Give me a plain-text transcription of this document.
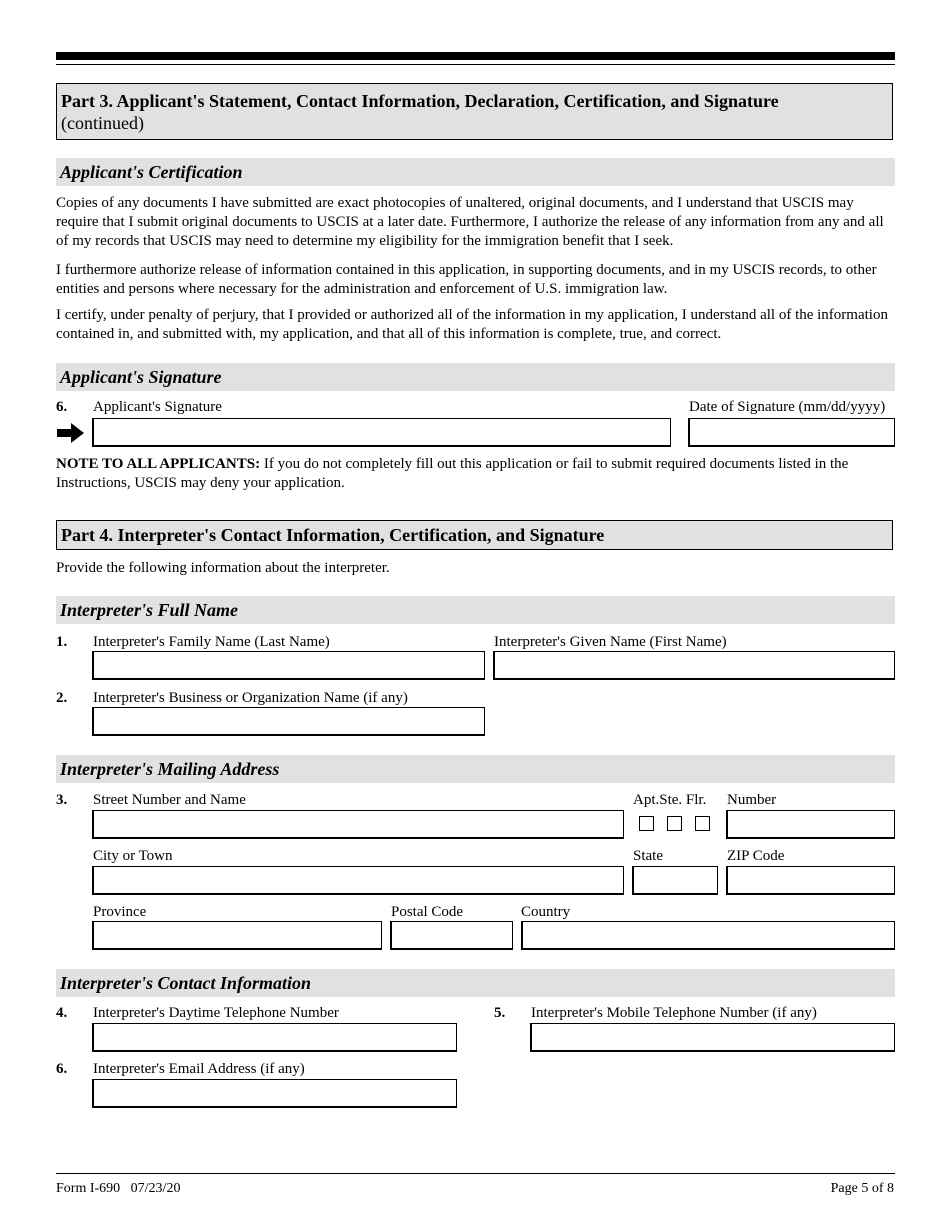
Part 3. Applicant's Statement, Contact Information, Declaration, Certification, and Signature
(continued)
Applicant's Certification

Copies of any documents I have submitted are exact photocopies of unaltered, original documents, and I understand that USCIS may require that I submit original documents to USCIS at a later date. Furthermore, I authorize the release of any information from any and all of my records that USCIS may need to determine my eligibility for the immigration benefit that I seek.

I furthermore authorize release of information contained in this application, in supporting documents, and in my USCIS records, to other entities and persons where necessary for the administration and enforcement of U.S. immigration law.

I certify, under penalty of perjury, that I provided or authorized all of the information in my application, I understand all of the information contained in, and submitted with, my application, and that all of this information is complete, true, and correct.

Applicant's Signature
6. Applicant's Signature	Date of Signature (mm/dd/yyyy)

NOTE TO ALL APPLICANTS: If you do not completely fill out this application or fail to submit required documents listed in the Instructions, USCIS may deny your application.

Part 4. Interpreter's Contact Information, Certification, and Signature
Provide the following information about the interpreter.
Interpreter's Full Name
1. Interpreter's Family Name (Last Name)	Interpreter's Given Name (First Name)
2. Interpreter's Business or Organization Name (if any)
Interpreter's Mailing Address
3. Street Number and Name	Apt.Ste. Flr. Number
City or Town	State	ZIP Code
Province	Postal Code	Country
Interpreter's Contact Information
4. Interpreter's Daytime Telephone Number	5. Interpreter's Mobile Telephone Number (if any)
6. Interpreter's Email Address (if any)
Form I-690   07/23/20	Page 5 of 8
